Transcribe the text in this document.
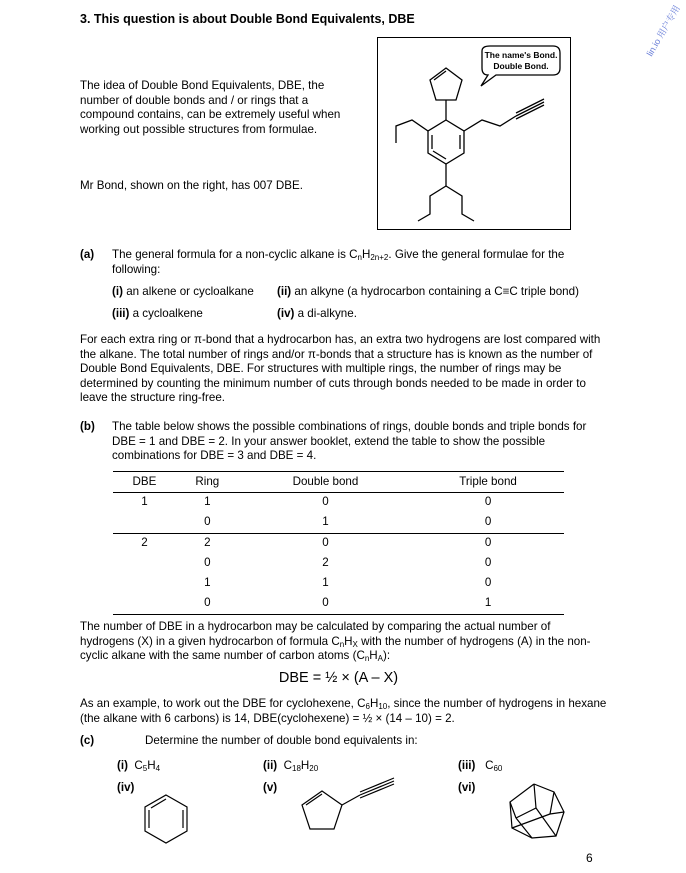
3. This question is about Double Bond Equivalents, DBE
The idea of Double Bond Equivalents, DBE, the number of double bonds and / or rings that a compound contains, can be extremely useful when working out possible structures from formulae.
Mr Bond, shown on the right, has 007 DBE.
The name's Bond.
Double Bond.
(a) The general formula for a non-cyclic alkane is $C_nH_{2n+2}$. Give the general formulae for the following:
(i) an alkene or cycloalkane (ii) an alkyne (a hydrocarbon containing a C≡C triple bond)
(iii) a cycloalkene	(iv) a di-alkyne.
For each extra ring or π-bond that a hydrocarbon has, an extra two hydrogens are lost compared with the alkane. The total number of rings and/or π-bonds that a structure has is known as the number of Double Bond Equivalents, DBE. For structures with multiple rings, the number of rings may be determined by counting the minimum number of cuts through bonds needed to be made in order to leave the structure ring-free.
(b) The table below shows the possible combinations of rings, double bonds and triple bonds for DBE = 1 and DBE = 2. In your answer booklet, extend the table to show the possible combinations for DBE = 3 and DBE = 4.
DBE	Ring	Double bond	Triple bond
1	1	0	0
	0	1	0
2	2	0	0
	0	2	0
	1	1	0
	0	0	1
The number of DBE in a hydrocarbon may be calculated by comparing the actual number of hydrogens (X) in a given hydrocarbon of formula $C_nH_X$ with the number of hydrogens (A) in the non-cyclic alkane with the same number of carbon atoms $(C_nH_A)$:
DBE = ½ × (A – X)
As an example, to work out the DBE for cyclohexene, $C_6H_{10}$, since the number of hydrogens in hexane (the alkane with 6 carbons) is 14, DBE(cyclohexene) = ½ × (14 – 10) = 2.
(c)	Determine the number of double bond equivalents in:
(i) $C_5H_4$	(ii) $C_{18}H_{20}$	(iii) $C_{60}$
(iv)	(v)	(vi)
6
lin.io 用户专用
